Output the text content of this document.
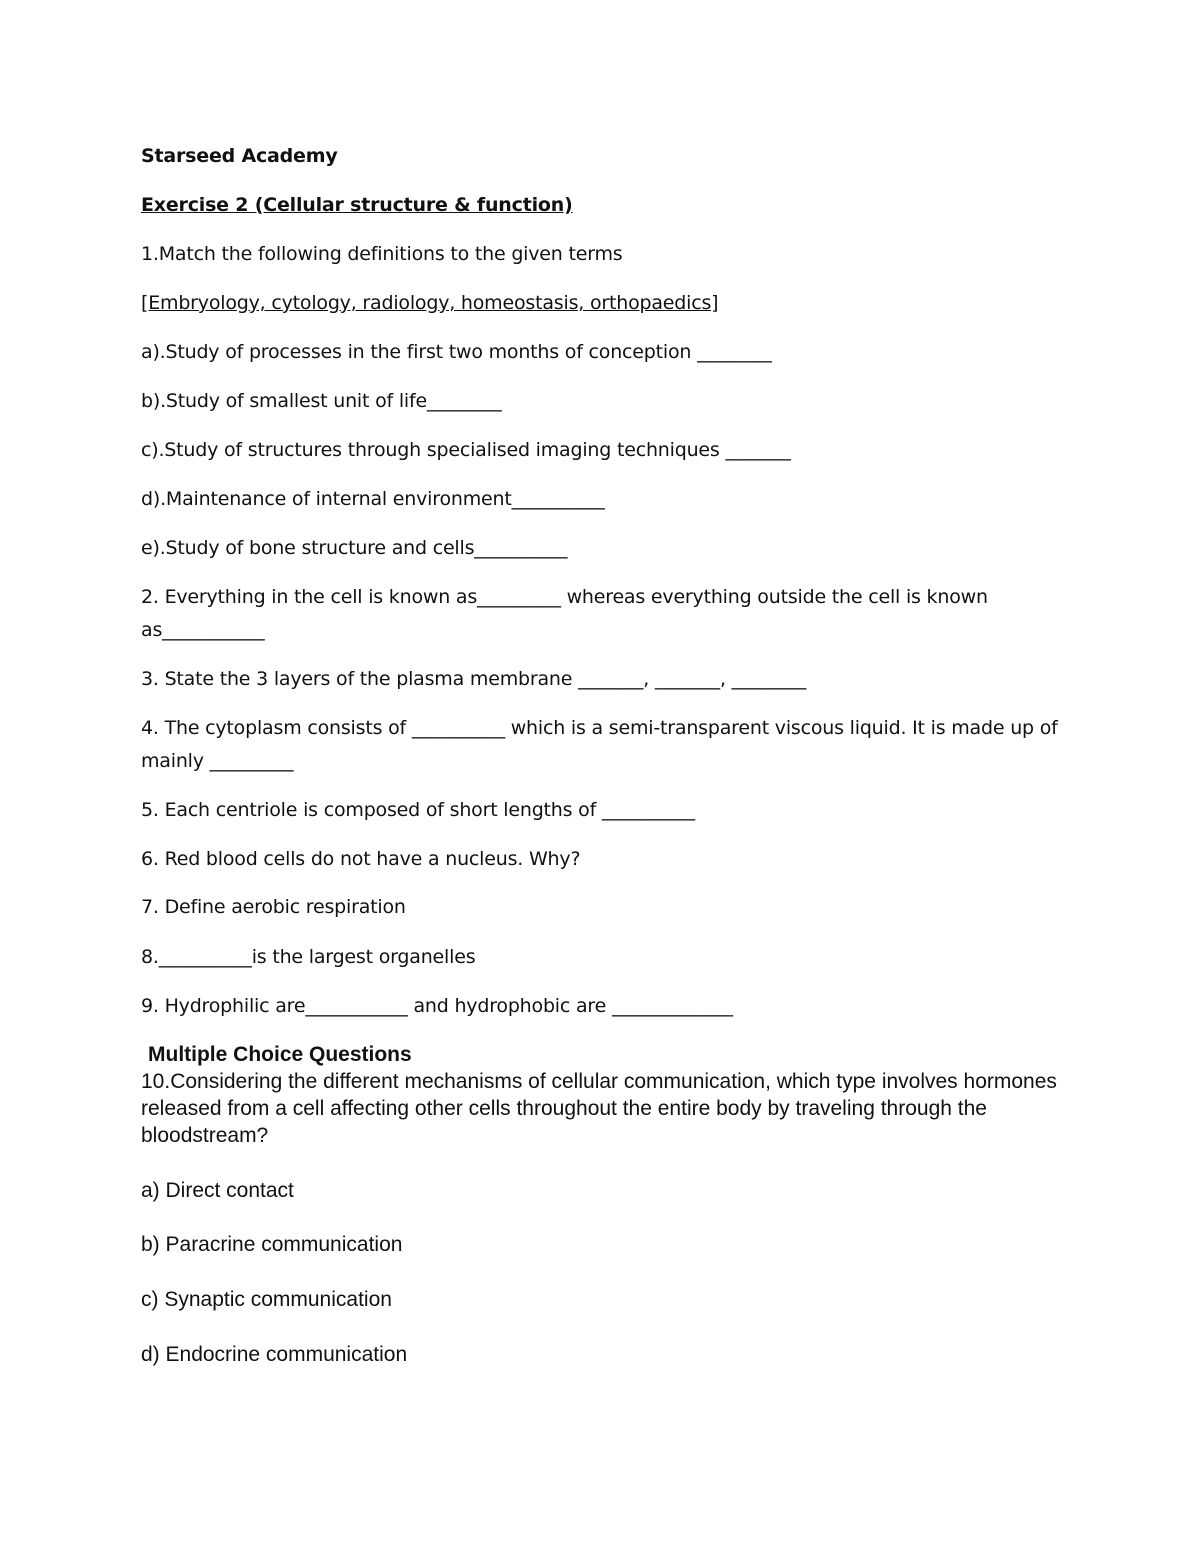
Starseed Academy

Exercise 2 (Cellular structure & function)

1.Match the following definitions to the given terms

[Embryology, cytology, radiology, homeostasis, orthopaedics]

a).Study of processes in the first two months of conception ________

b).Study of smallest unit of life________

c).Study of structures through specialised imaging techniques _______

d).Maintenance of internal environment__________

e).Study of bone structure and cells__________

2. Everything in the cell is known as_________ whereas everything outside the cell is known as___________

3. State the 3 layers of the plasma membrane _______, _______, ________

4. The cytoplasm consists of __________ which is a semi-transparent viscous liquid. It is made up of mainly _________

5. Each centriole is composed of short lengths of __________

6. Red blood cells do not have a nucleus. Why?

7. Define aerobic respiration

8.__________is the largest organelles

9. Hydrophilic are___________ and hydrophobic are _____________

Multiple Choice Questions

10.Considering the different mechanisms of cellular communication, which type involves hormones released from a cell affecting other cells throughout the entire body by traveling through the bloodstream?

a) Direct contact

b) Paracrine communication

c) Synaptic communication

d) Endocrine communication
